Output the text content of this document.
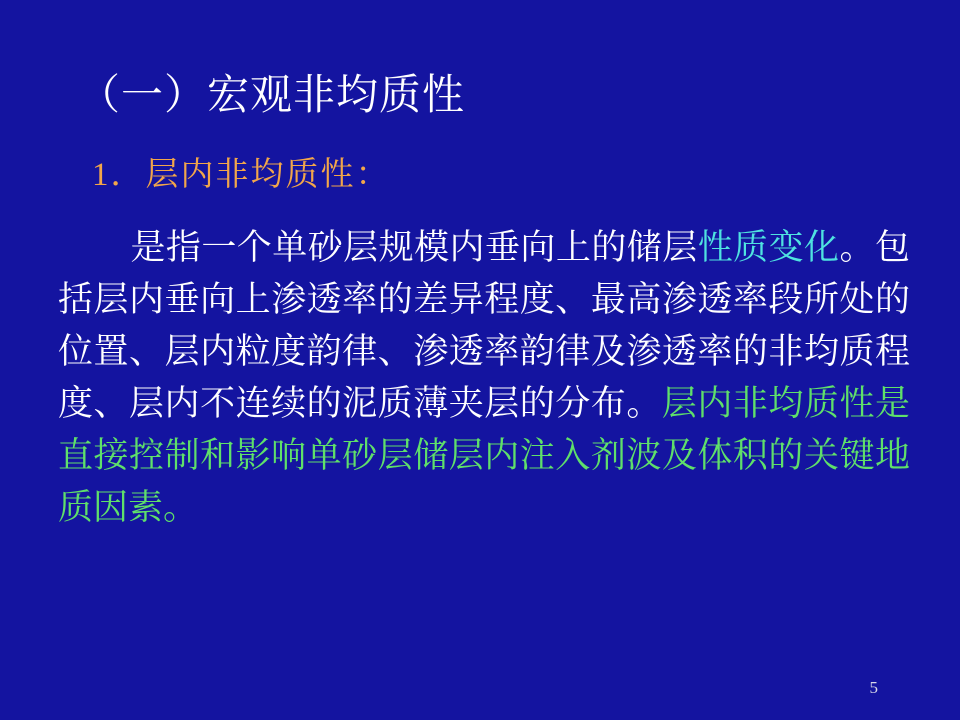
（一）宏观非均质性
1．层内非均质性：
是指一个单砂层规模内垂向上的储层性质变化。包括层内垂向上渗透率的差异程度、最高渗透率段所处的位置、层内粒度韵律、渗透率韵律及渗透率的非均质程度、层内不连续的泥质薄夹层的分布。层内非均质性是直接控制和影响单砂层储层内注入剂波及体积的关键地质因素。
5
